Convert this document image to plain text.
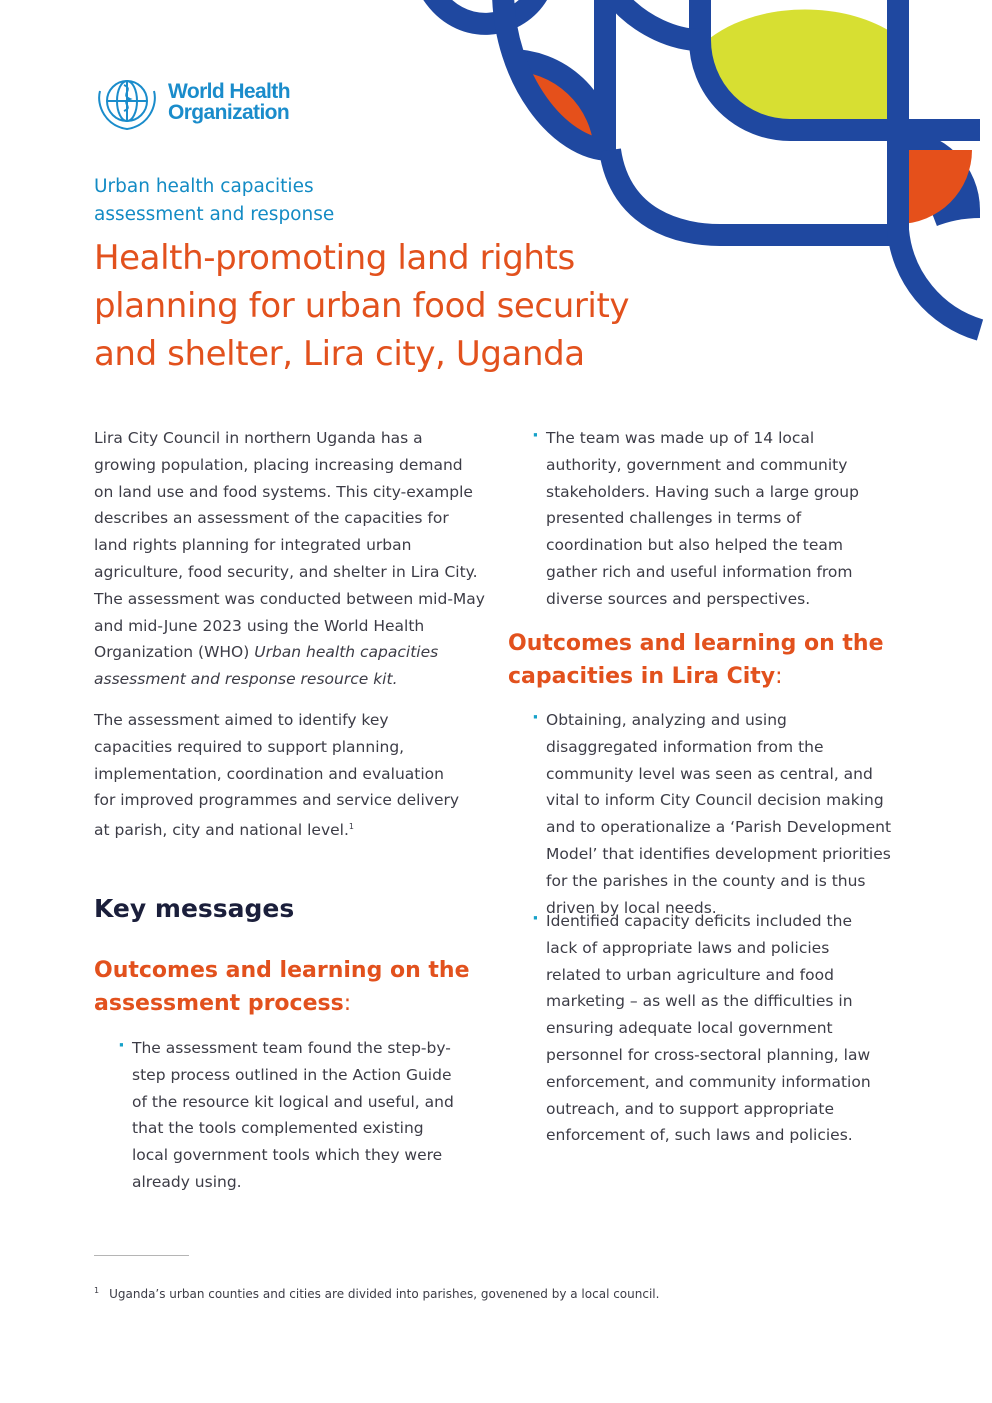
World Health
Organization
Urban health capacities
assessment and response
Health-promoting land rights
planning for urban food security
and shelter, Lira city, Uganda

Lira City Council in northern Uganda has a growing population, placing increasing demand on land use and food systems. This city-example describes an assessment of the capacities for land rights planning for integrated urban agriculture, food security, and shelter in Lira City. The assessment was conducted between mid-May and mid-June 2023 using the World Health Organization (WHO) Urban health capacities assessment and response resource kit.

The assessment aimed to identify key capacities required to support planning, implementation, coordination and evaluation for improved programmes and service delivery at parish, city and national level.$^1$

Key messages
Outcomes and learning on the assessment process:

· The assessment team found the step-by-step process outlined in the Action Guide of the resource kit logical and useful, and that the tools complemented existing local government tools which they were already using.

· The team was made up of 14 local authority, government and community stakeholders. Having such a large group presented challenges in terms of coordination but also helped the team gather rich and useful information from diverse sources and perspectives.

Outcomes and learning on the capacities in Lira City:

· Obtaining, analyzing and using disaggregated information from the community level was seen as central, and vital to inform City Council decision making and to operationalize a ‘Parish Development Model’ that identifies development priorities for the parishes in the county and is thus driven by local needs.

· Identified capacity deficits included the lack of appropriate laws and policies related to urban agriculture and food marketing – as well as the difficulties in ensuring adequate local government personnel for cross-sectoral planning, law enforcement, and community information outreach, and to support appropriate enforcement of, such laws and policies.

$^1$ Uganda’s urban counties and cities are divided into parishes, govenened by a local council.
